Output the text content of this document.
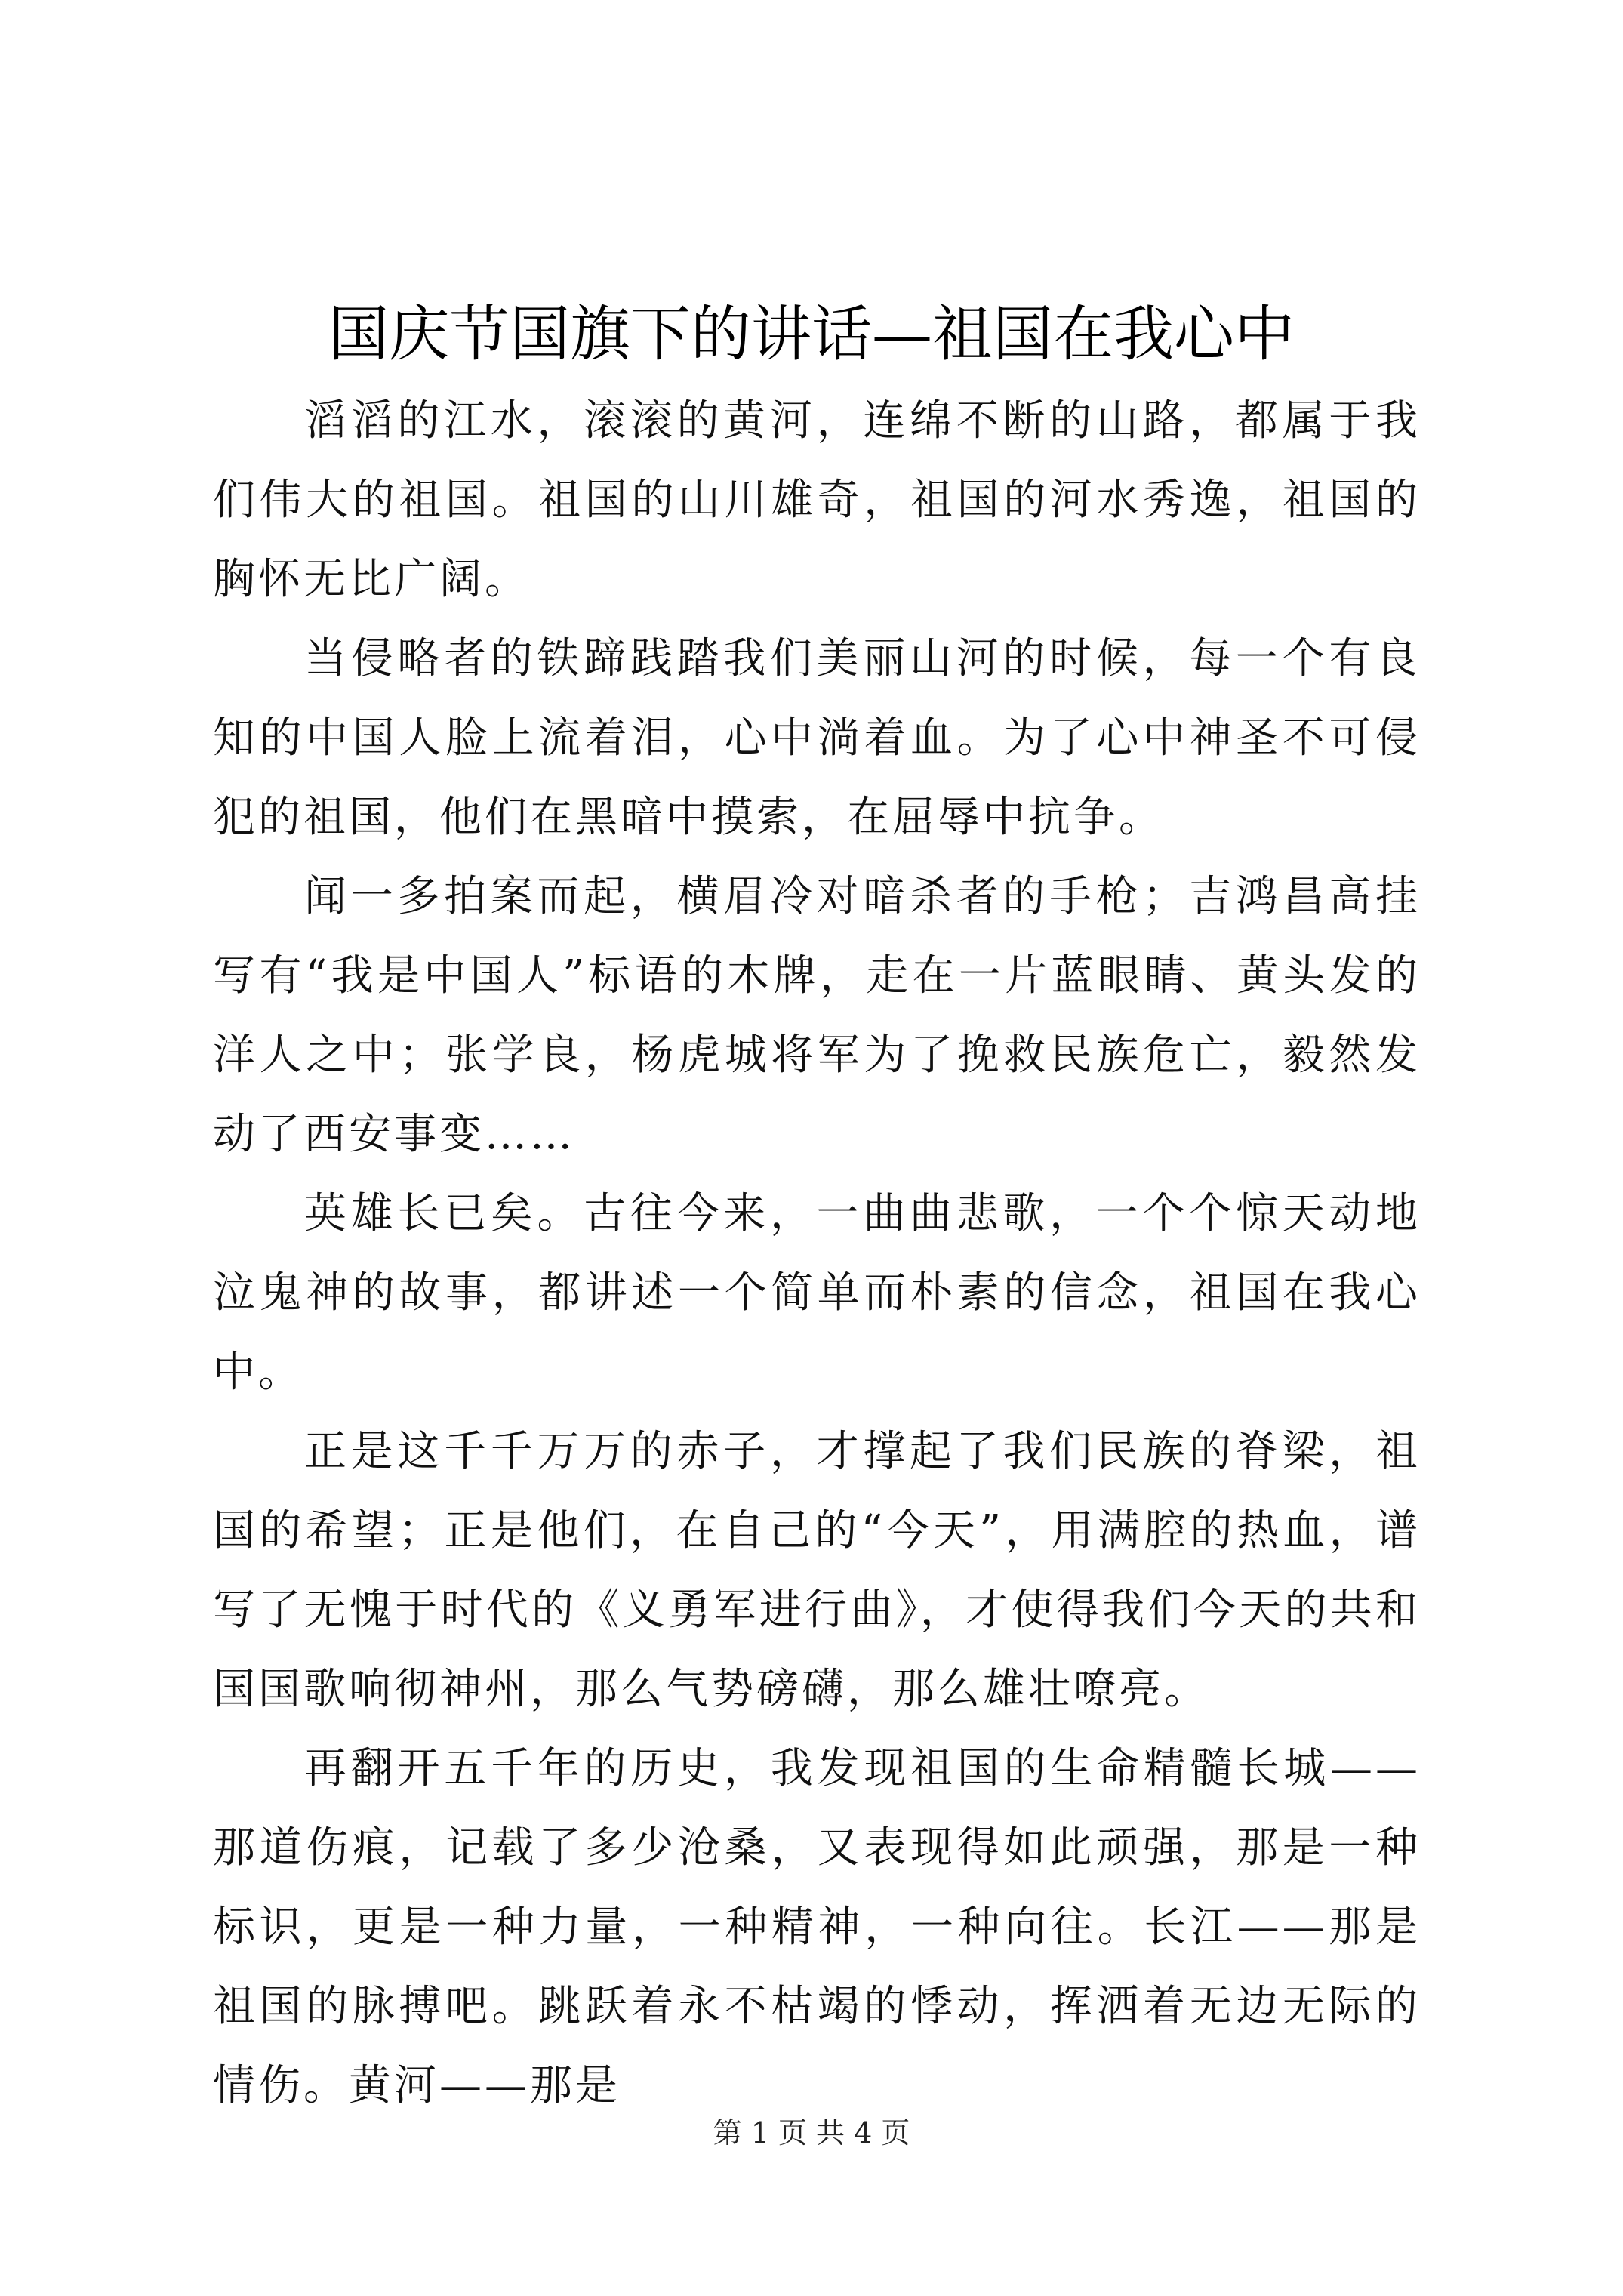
国庆节国旗下的讲话—祖国在我心中

滔滔的江水，滚滚的黄河，连绵不断的山路，都属于我们伟大的祖国。祖国的山川雄奇，祖国的河水秀逸，祖国的胸怀无比广阔。

当侵略者的铁蹄践踏我们美丽山河的时候，每一个有良知的中国人脸上流着泪，心中淌着血。为了心中神圣不可侵犯的祖国，他们在黑暗中摸索，在屈辱中抗争。

闻一多拍案而起，横眉冷对暗杀者的手枪；吉鸿昌高挂写有“我是中国人”标语的木牌，走在一片蓝眼睛、黄头发的洋人之中；张学良，杨虎城将军为了挽救民族危亡，毅然发动了西安事变……

英雄长已矣。古往今来，一曲曲悲歌，一个个惊天动地泣鬼神的故事，都讲述一个简单而朴素的信念，祖国在我心中。

正是这千千万万的赤子，才撑起了我们民族的脊梁，祖国的希望；正是他们，在自己的“今天”，用满腔的热血，谱写了无愧于时代的《义勇军进行曲》，才使得我们今天的共和国国歌响彻神州，那么气势磅礴，那么雄壮嘹亮。

再翻开五千年的历史，我发现祖国的生命精髓长城——那道伤痕，记载了多少沧桑，又表现得如此顽强，那是一种标识，更是一种力量，一种精神，一种向往。长江——那是祖国的脉搏吧。跳跃着永不枯竭的悸动，挥洒着无边无际的情伤。黄河——那是

第 1 页 共 4 页
